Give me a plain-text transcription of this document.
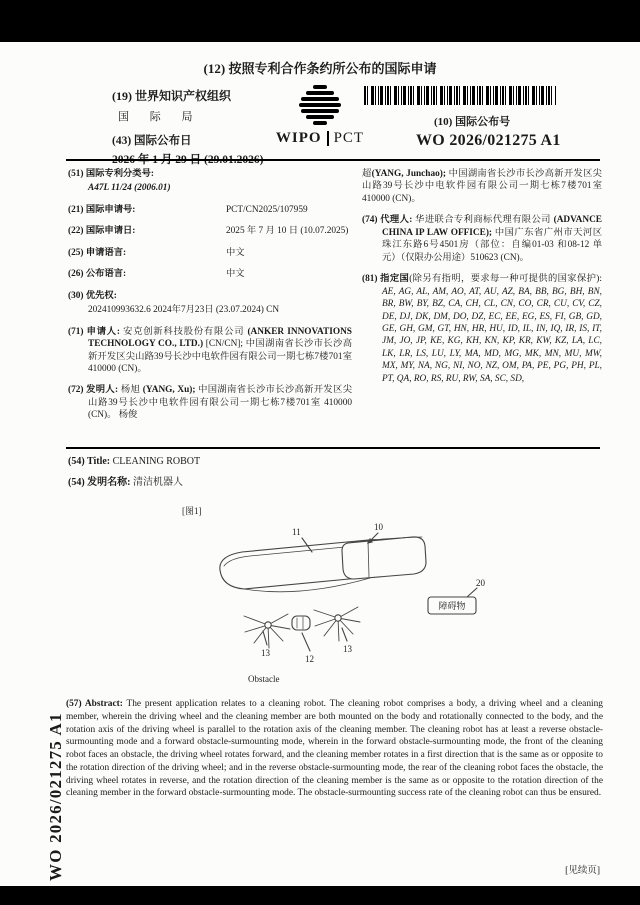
(12) 按照专利合作条约所公布的国际申请
(19) 世界知识产权组织
国 际 局
(43) 国际公布日	WIPO PCT
(10) 国际公布号
WO 2026/021275 A1
(51) 国际专利分类号:
A47L 11/24 (2006.01)
(21) 国际申请号:	PCT/CN2025/107959
(22) 国际申请日:	2025 年 7 月 10 日 (10.07.2025)
(25) 申请语言:	中文
(26) 公布语言:	中文
(30) 优先权:
202410993632.6 2024年7月23日 (23.07.2024) CN

(71) 申请人: 安克创新科技股份有限公司 (ANKER INNOVATIONS TECHNOLOGY CO., LTD.) [CN/CN]; 中国湖南省长沙市长沙高新开发区尖山路39号长沙中电软件园有限公司一期七栋7楼701室 410000 (CN)。

(72) 发明人: 杨旭 (YANG, Xu); 中国湖南省长沙市长沙高新开发区尖山路39号长沙中电软件园有限公司一期七栋7楼701室 410000 (CN)。 杨俊

超(YANG, Junchao); 中国湖南省长沙市长沙高新开发区尖山路39号长沙中电软件园有限公司一期七栋7楼701室 410000 (CN)。

(74) 代理人: 华进联合专利商标代理有限公司 (ADVANCE CHINA IP LAW OFFICE); 中国广东省广州市天河区珠江东路6号4501房（部位：自编01-03 和08-12 单元）（仅限办公用途）510623 (CN)。

(81) 指定国(除另有指明，要求每一种可提供的国家保护): AE, AG, AL, AM, AO, AT, AU, AZ, BA, BB, BG, BH, BN, BR, BW, BY, BZ, CA, CH, CL, CN, CO, CR, CU, CV, CZ, DE, DJ, DK, DM, DO, DZ, EC, EE, EG, ES, FI, GB, GD, GE, GH, GM, GT, HN, HR, HU, ID, IL, IN, IQ, IR, IS, IT, JM, JO, JP, KE, KG, KH, KN, KP, KR, KW, KZ, LA, LC, LK, LR, LS, LU, LY, MA, MD, MG, MK, MN, MU, MW, MX, MY, NA, NG, NI, NO, NZ, OM, PA, PE, PG, PH, PL, PT, QA, RO, RS, RU, RW, SA, SC, SD,

(54) Title: CLEANING ROBOT
(54) 发明名称: 清洁机器人
[图1]
11	10
20
13
12
13
障碍物
Obstacle
(57) Abstract: The present application relates to a cleaning robot. The cleaning robot comprises a body, a driving wheel and a cleaning member, wherein the driving wheel and the cleaning member are both mounted on the body and rotationally connected to the body, and the rotation axis of the driving wheel is parallel to the rotation axis of the cleaning member. The cleaning robot has at least a reverse obstacle-surmounting mode and a forward obstacle-surmounting mode, wherein in the forward obstacle-surmounting mode, the front of the cleaning robot faces an obstacle, the driving wheel rotates forward, and the cleaning member rotates in a first direction that is the same as or opposite to the rotation direction of the driving wheel; and in the reverse obstacle-surmounting mode, the rear of the cleaning robot faces the obstacle, the driving wheel rotates in reverse, and the rotation direction of the cleaning member is the same as or opposite to the rotation direction of the cleaning member in the forward obstacle-surmounting mode. The obstacle-surmounting success rate of the cleaning robot can thus be ensured.
WO 2026/021275 A1	[见续页]
